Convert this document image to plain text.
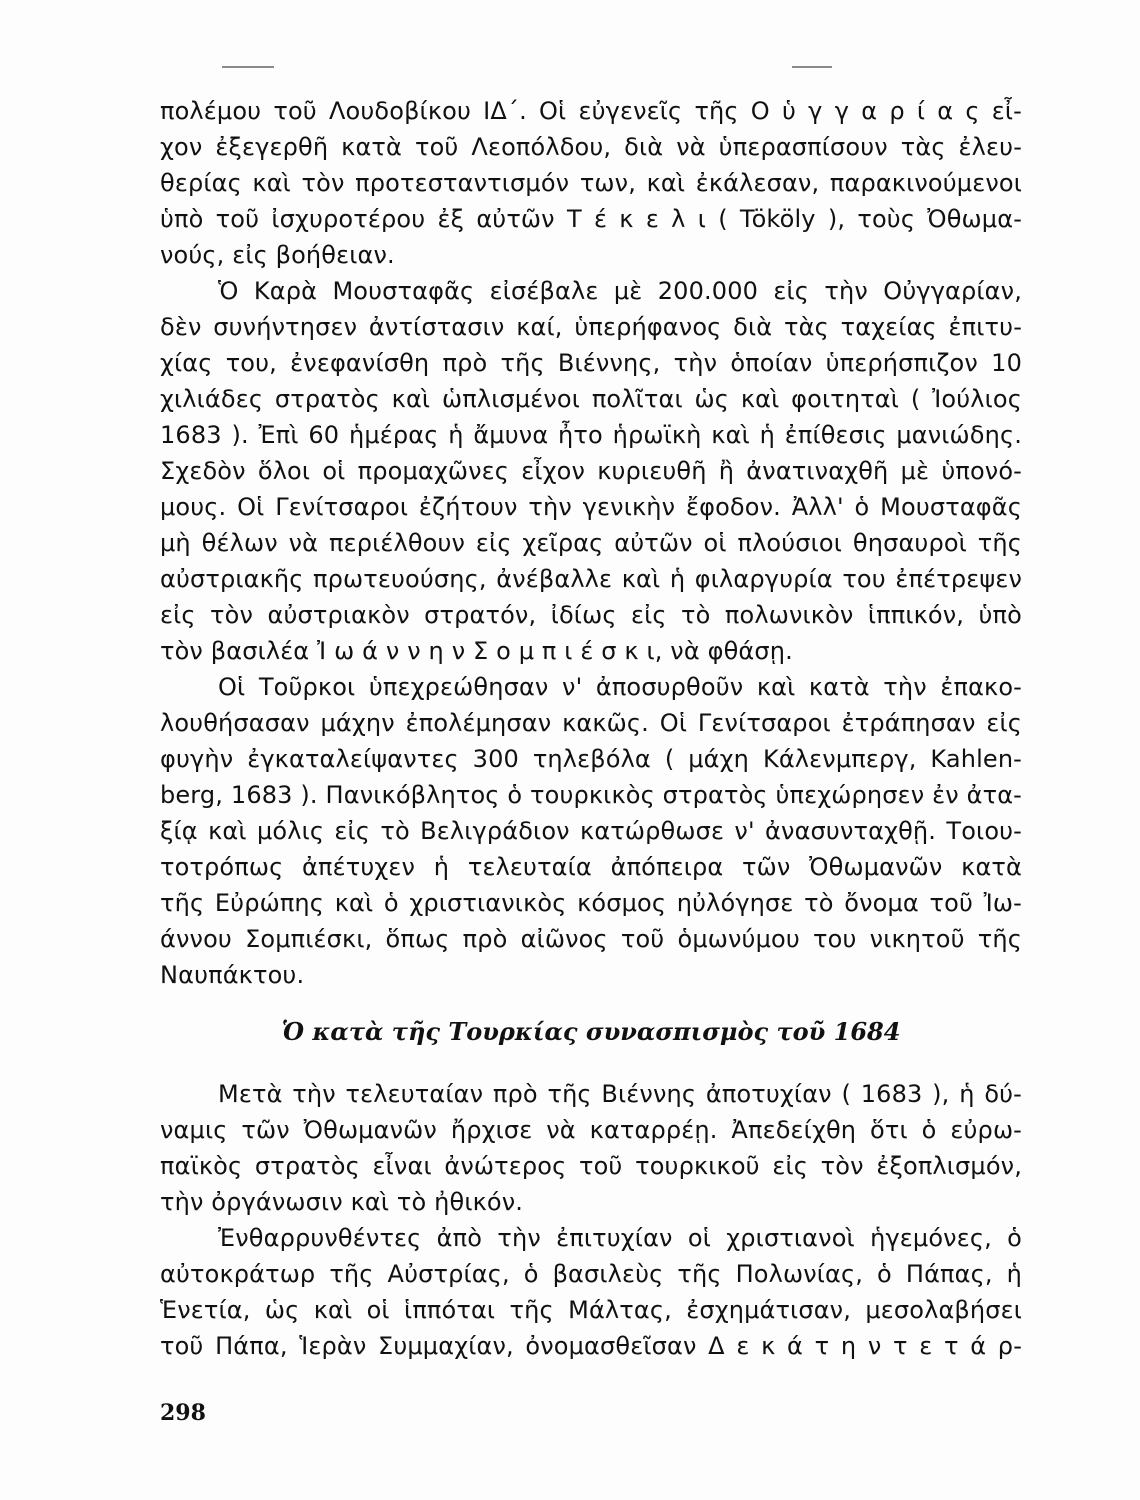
πολέμου τοῦ Λουδοβίκου ΙΔ΄. Οἱ εὐγενεῖς τῆς Ο ὑ γ γ α ρ ί α ς εἶ-
χον ἐξεγερθῆ κατὰ τοῦ Λεοπόλδου, διὰ νὰ ὑπερασπίσουν τὰς ἐλευ-
θερίας καὶ τὸν προτεσταντισμόν των, καὶ ἐκάλεσαν, παρακινούμενοι
ὑπὸ τοῦ ἰσχυροτέρου ἐξ αὐτῶν Τ έ κ ε λ ι ( Tököly ), τοὺς Ὀθωμα-
νούς, εἰς βοήθειαν.
Ὁ Καρὰ Μουσταφᾶς εἰσέβαλε μὲ 200.000 εἰς τὴν Οὐγγαρίαν,
δὲν συνήντησεν ἀντίστασιν καί, ὑπερήφανος διὰ τὰς ταχείας ἐπιτυ-
χίας του, ἐνεφανίσθη πρὸ τῆς Βιέννης, τὴν ὁποίαν ὑπερήσπιζον 10
χιλιάδες στρατὸς καὶ ὡπλισμένοι πολῖται ὡς καὶ φοιτηταὶ ( Ἰούλιος
1683 ). Ἐπὶ 60 ἡμέρας ἡ ἄμυνα ἦτο ἡρωϊκὴ καὶ ἡ ἐπίθεσις μανιώδης.
Σχεδὸν ὅλοι οἱ προμαχῶνες εἶχον κυριευθῆ ἢ ἀνατιναχθῆ μὲ ὑπονό-
μους. Οἱ Γενίτσαροι ἐζήτουν τὴν γενικὴν ἔφοδον. Ἀλλ' ὁ Μουσταφᾶς
μὴ θέλων νὰ περιέλθουν εἰς χεῖρας αὐτῶν οἱ πλούσιοι θησαυροὶ τῆς
αὐστριακῆς πρωτευούσης, ἀνέβαλλε καὶ ἡ φιλαργυρία του ἐπέτρεψεν
εἰς τὸν αὐστριακὸν στρατόν, ἰδίως εἰς τὸ πολωνικὸν ἱππικόν, ὑπὸ
τὸν βασιλέα Ἰ ω ά ν ν η ν Σ ο μ π ι έ σ κ ι, νὰ φθάσῃ.
Οἱ Τοῦρκοι ὑπεχρεώθησαν ν' ἀποσυρθοῦν καὶ κατὰ τὴν ἐπακο-
λουθήσασαν μάχην ἐπολέμησαν κακῶς. Οἱ Γενίτσαροι ἐτράπησαν εἰς
φυγὴν ἐγκαταλείψαντες 300 τηλεβόλα ( μάχη Κάλενμπεργ, Kahlen-
berg, 1683 ). Πανικόβλητος ὁ τουρκικὸς στρατὸς ὑπεχώρησεν ἐν ἀτα-
ξίᾳ καὶ μόλις εἰς τὸ Βελιγράδιον κατώρθωσε ν' ἀνασυνταχθῇ. Τοιου-
τοτρόπως ἀπέτυχεν ἡ τελευταία ἀπόπειρα τῶν Ὀθωμανῶν κατὰ
τῆς Εὐρώπης καὶ ὁ χριστιανικὸς κόσμος ηὐλόγησε τὸ ὄνομα τοῦ Ἰω-
άννου Σομπιέσκι, ὅπως πρὸ αἰῶνος τοῦ ὁμωνύμου του νικητοῦ τῆς
Ναυπάκτου.
Ὁ κατὰ τῆς Τουρκίας συνασπισμὸς τοῦ 1684
Μετὰ τὴν τελευταίαν πρὸ τῆς Βιέννης ἀποτυχίαν ( 1683 ), ἡ δύ-
ναμις τῶν Ὀθωμανῶν ἤρχισε νὰ καταρρέῃ. Ἀπεδείχθη ὅτι ὁ εὐρω-
παϊκὸς στρατὸς εἶναι ἀνώτερος τοῦ τουρκικοῦ εἰς τὸν ἐξοπλισμόν,
τὴν ὀργάνωσιν καὶ τὸ ἠθικόν.
Ἐνθαρρυνθέντες ἀπὸ τὴν ἐπιτυχίαν οἱ χριστιανοὶ ἡγεμόνες, ὁ
αὐτοκράτωρ τῆς Αὐστρίας, ὁ βασιλεὺς τῆς Πολωνίας, ὁ Πάπας, ἡ
Ἑνετία, ὡς καὶ οἱ ἱππόται τῆς Μάλτας, ἐσχημάτισαν, μεσολαβήσει
τοῦ Πάπα, Ἱερὰν Συμμαχίαν, ὀνομασθεῖσαν Δ ε κ ά τ η ν τ ε τ ά ρ-
298
